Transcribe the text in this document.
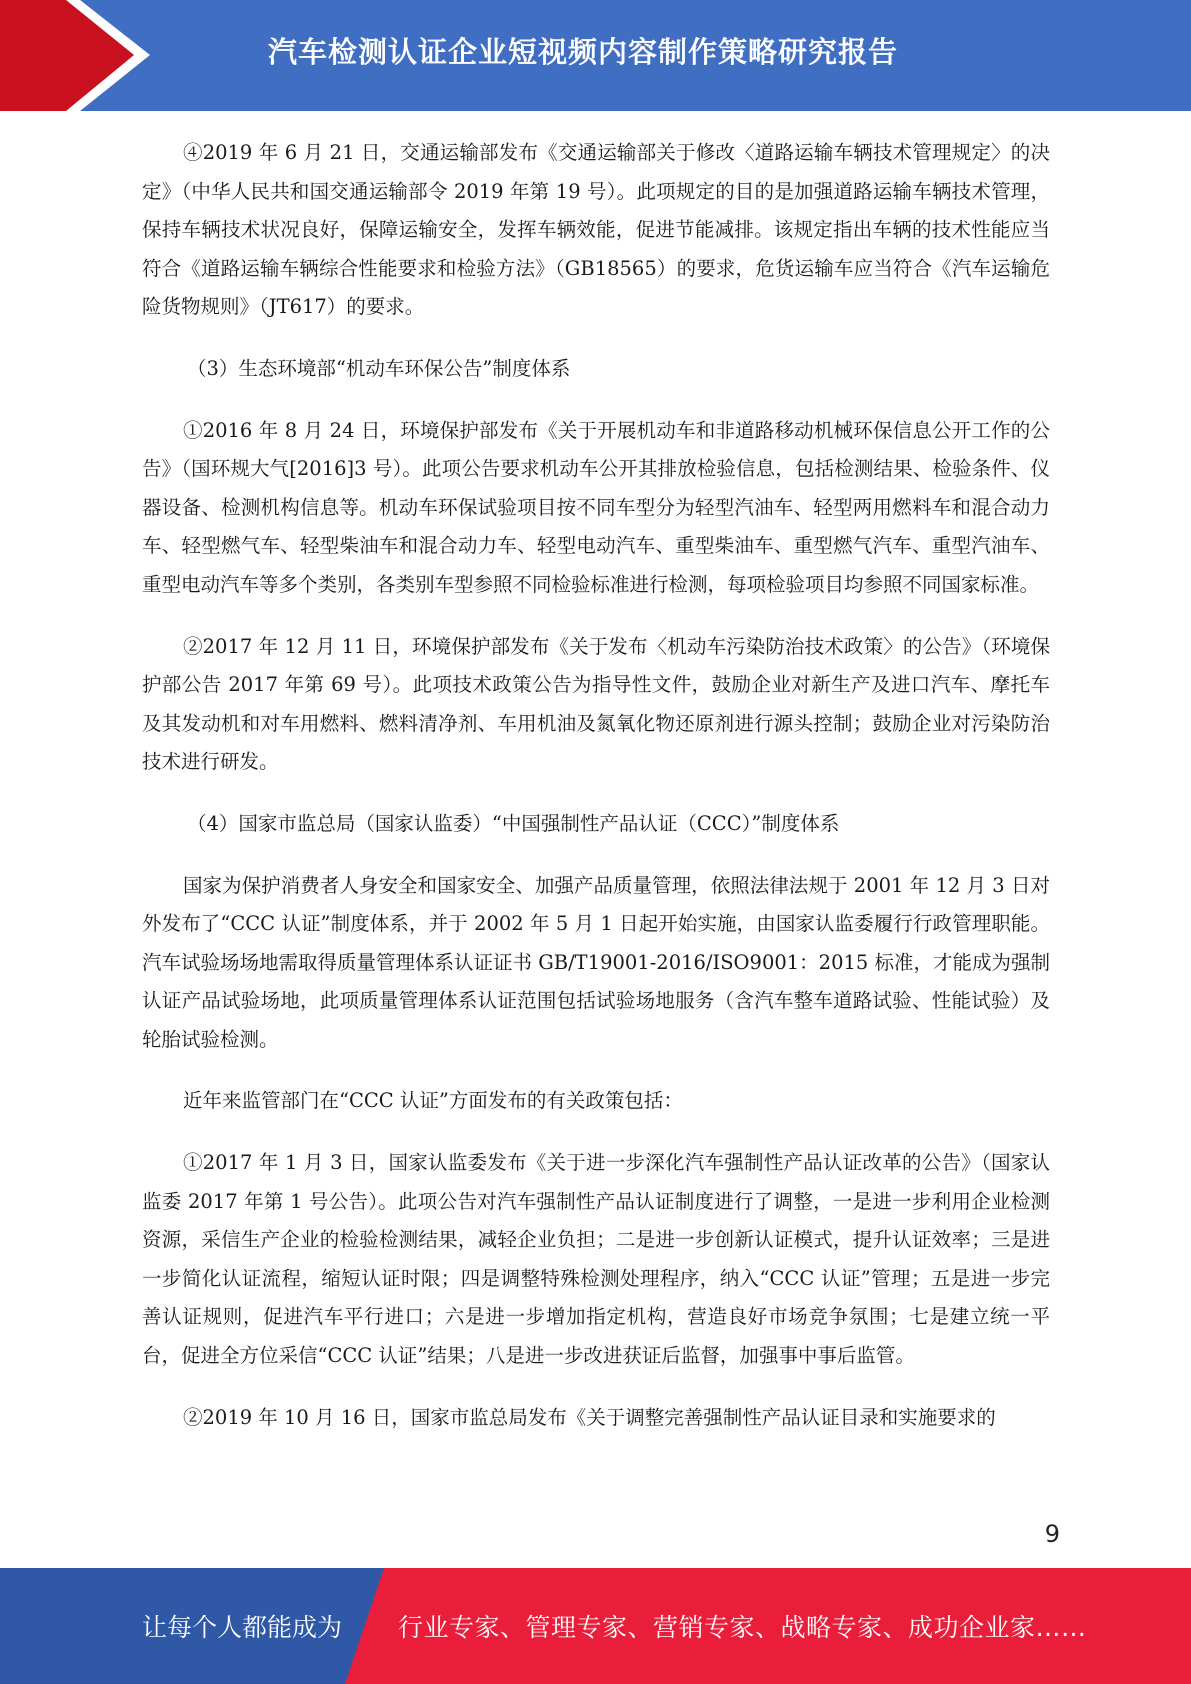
汽车检测认证企业短视频内容制作策略研究报告

④2019 年 6 月 21 日，交通运输部发布《交通运输部关于修改〈道路运输车辆技术管理规定〉的决定》（中华人民共和国交通运输部令 2019 年第 19 号）。此项规定的目的是加强道路运输车辆技术管理，保持车辆技术状况良好，保障运输安全，发挥车辆效能，促进节能减排。该规定指出车辆的技术性能应当符合《道路运输车辆综合性能要求和检验方法》（GB18565）的要求，危货运输车应当符合《汽车运输危险货物规则》（JT617）的要求。

（3）生态环境部“机动车环保公告”制度体系

①2016 年 8 月 24 日，环境保护部发布《关于开展机动车和非道路移动机械环保信息公开工作的公告》（国环规大气[2016]3 号）。此项公告要求机动车公开其排放检验信息，包括检测结果、检验条件、仪器设备、检测机构信息等。机动车环保试验项目按不同车型分为轻型汽油车、轻型两用燃料车和混合动力车、轻型燃气车、轻型柴油车和混合动力车、轻型电动汽车、重型柴油车、重型燃气汽车、重型汽油车、重型电动汽车等多个类别，各类别车型参照不同检验标准进行检测，每项检验项目均参照不同国家标准。

②2017 年 12 月 11 日，环境保护部发布《关于发布〈机动车污染防治技术政策〉的公告》（环境保护部公告 2017 年第 69 号）。此项技术政策公告为指导性文件，鼓励企业对新生产及进口汽车、摩托车及其发动机和对车用燃料、燃料清净剂、车用机油及氮氧化物还原剂进行源头控制；鼓励企业对污染防治技术进行研发。

（4）国家市监总局（国家认监委）“中国强制性产品认证（CCC）”制度体系

国家为保护消费者人身安全和国家安全、加强产品质量管理，依照法律法规于 2001 年 12 月 3 日对外发布了“CCC 认证”制度体系，并于 2002 年 5 月 1 日起开始实施，由国家认监委履行行政管理职能。汽车试验场场地需取得质量管理体系认证证书 GB/T19001-2016/ISO9001：2015 标准，才能成为强制认证产品试验场地，此项质量管理体系认证范围包括试验场地服务（含汽车整车道路试验、性能试验）及轮胎试验检测。

近年来监管部门在“CCC 认证”方面发布的有关政策包括：

①2017 年 1 月 3 日，国家认监委发布《关于进一步深化汽车强制性产品认证改革的公告》（国家认监委 2017 年第 1 号公告）。此项公告对汽车强制性产品认证制度进行了调整，一是进一步利用企业检测资源，采信生产企业的检验检测结果，减轻企业负担；二是进一步创新认证模式，提升认证效率；三是进一步简化认证流程，缩短认证时限；四是调整特殊检测处理程序，纳入“CCC 认证”管理；五是进一步完善认证规则，促进汽车平行进口；六是进一步增加指定机构，营造良好市场竞争氛围；七是建立统一平台，促进全方位采信“CCC 认证”结果；八是进一步改进获证后监督，加强事中事后监管。

②2019 年 10 月 16 日，国家市监总局发布《关于调整完善强制性产品认证目录和实施要求的

9
让每个人都能成为 行业专家、管理专家、营销专家、战略专家、成功企业家……
